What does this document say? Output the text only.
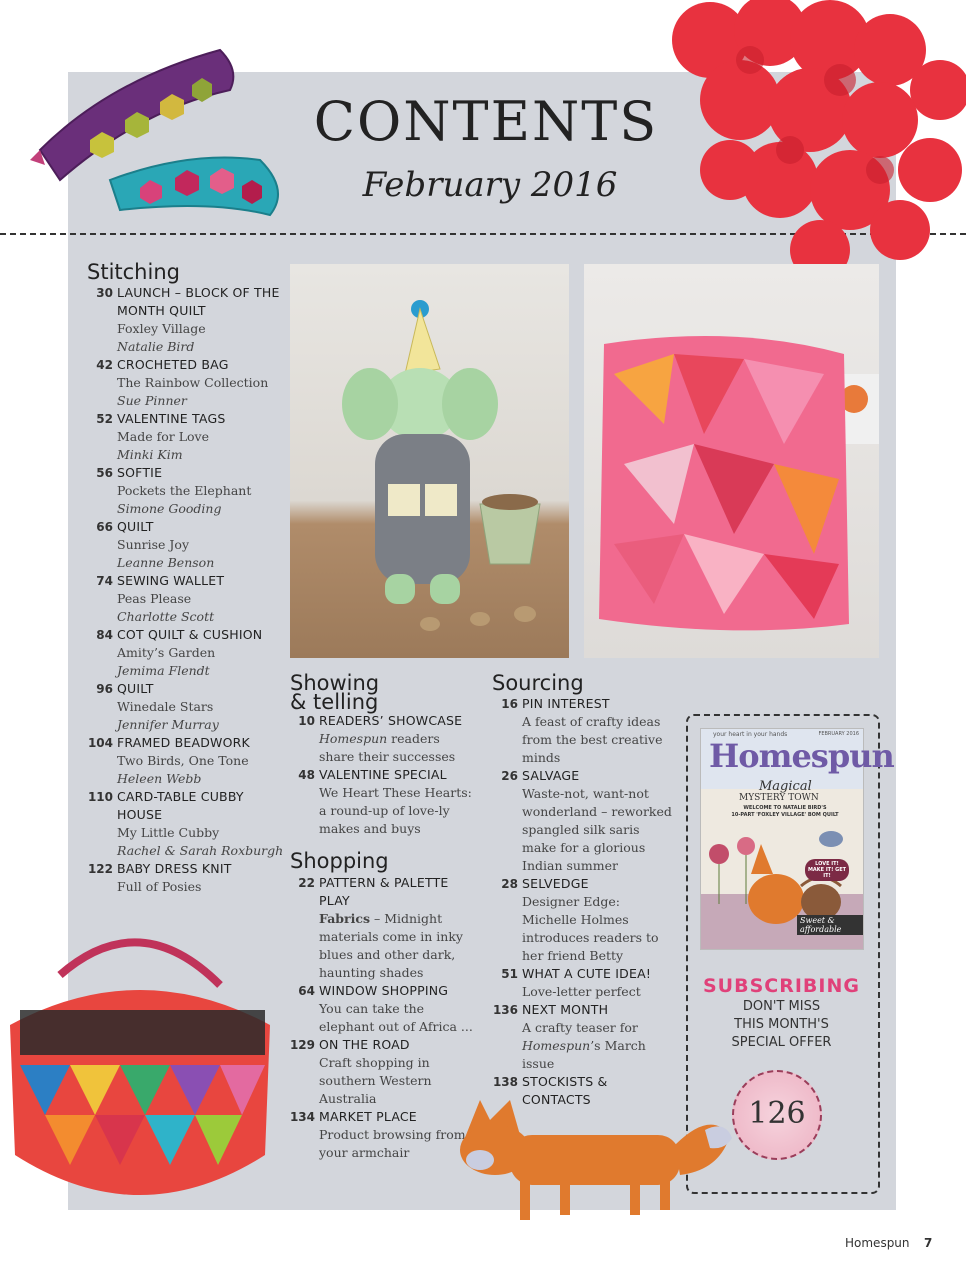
CONTENTS
February 2016
Stitching
30 LAUNCH – BLOCK OF THE MONTH QUILT
Foxley Village
Natalie Bird
42 CROCHETED BAG
The Rainbow Collection
Sue Pinner
52 VALENTINE TAGS
Made for Love
Minki Kim
56 SOFTIE
Pockets the Elephant
Simone Gooding
66 QUILT
Sunrise Joy
Leanne Benson
74 SEWING WALLET
Peas Please
Charlotte Scott
84 COT QUILT & CUSHION
Amity’s Garden
Jemima Flendt
96 QUILT
Winedale Stars
Jennifer Murray
104 FRAMED BEADWORK
Two Birds, One Tone
Heleen Webb
110 CARD-TABLE CUBBY HOUSE
My Little Cubby
Rachel & Sarah Roxburgh
122 BABY DRESS KNIT
Full of Posies
Showing
& telling
10 READERS’ SHOWCASE
Homespun readers share their successes
48 VALENTINE SPECIAL
We Heart These Hearts: a round-up of love-ly makes and buys
Shopping
22 PATTERN & PALETTE PLAY
Fabrics – Midnight materials come in inky blues and other dark, haunting shades
64 WINDOW SHOPPING
You can take the elephant out of Africa ...
129 ON THE ROAD
Craft shopping in southern Western Australia
134 MARKET PLACE
Product browsing from your armchair
Sourcing
16 PIN INTEREST
A feast of crafty ideas from the best creative minds
26 SALVAGE
Waste-not, want-not wonderland – reworked spangled silk saris make for a glorious Indian summer
28 SELVEDGE
Designer Edge: Michelle Holmes introduces readers to her friend Betty
51 WHAT A CUTE IDEA!
Love-letter perfect
136 NEXT MONTH
A crafty teaser for Homespun’s March issue
138 STOCKISTS & CONTACTS
your heart in your hands	FEBRUARY 2016
Homespun
Magical
MYSTERY TOWN
WELCOME TO NATALIE BIRD'S
10-PART 'FOXLEY VILLAGE' BOM QUILT
LOVE IT! MAKE IT! GET IT!
Sweet & affordable
SUBSCRIBING
DON'T MISS
THIS MONTH'S
SPECIAL OFFER
126
Homespun 7
